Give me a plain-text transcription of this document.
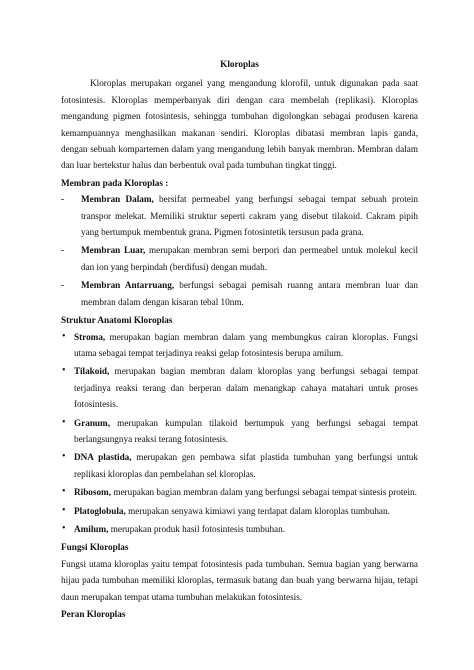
Kloroplas

Kloroplas merupakan organel yang mengandung klorofil, untuk digunakan pada saat fotosintesis. Kloroplas memperbanyak diri dengan cara membelah (replikasi). Kloroplas mengandung pigmen fotosintesis, sehingga tumbuhan digolongkan sebagai produsen karena kemampuannya menghasilkan makanan sendiri. Kloroplas dibatasi membran lapis ganda, dengan sebuah kompartemen dalam yang mengandung lebih banyak membran. Membran dalam dan luar bertekstur halus dan berbentuk oval pada tumbuhan tingkat tinggi.

Membran pada Kloroplas :
- Membran Dalam, bersifat permeabel yang berfungsi sebagai tempat sebuah protein transpor melekat. Memiliki struktur seperti cakram yang disebut tilakoid. Cakram pipih yang bertumpuk membentuk grana. Pigmen fotosintetik tersusun pada grana.
- Membran Luar, merupakan membran semi berpori dan permeabel untuk molekul kecil dan ion yang berpindah (berdifusi) dengan mudah.
- Membran Antarruang, berfungsi sebagai pemisah ruanng antara membran luar dan membran dalam dengan kisaran tebal 10nm.
Struktur Anatomi Kloroplas
• Stroma, merupakan bagian membran dalam yang membungkus cairan kloroplas. Fungsi utama sebagai tempat terjadinya reaksi gelap fotosintesis berupa amilum.
• Tilakoid, merupakan bagian membran dalam kloroplas yang berfungsi sebagai tempat terjadinya reaksi terang dan berperan dalam menangkap cahaya matahari untuk proses fotosintesis.
• Granum, merupakan kumpulan tilakoid bertumpuk yang berfungsi sebagai tempat berlangsungnya reaksi terang fotosintesis.
• DNA plastida, merupakan gen pembawa sifat plastida tumbuhan yang berfungsi untuk replikasi kloroplas dan pembelahan sel kloroplas.
• Ribosom, merupakan bagian membran dalam yang berfungsi sebagai tempat sintesis protein.
• Platoglobula, merupakan senyawa kimiawi yang terdapat dalam kloroplas tumbuhan.
• Amilum, merupakan produk hasil fotosintesis tumbuhan.
Fungsi Kloroplas

Fungsi utama kloroplas yaitu tempat fotosintesis pada tumbuhan. Semua bagian yang berwarna hijau pada tumbuhan memiliki kloroplas, termasuk batang dan buah yang berwarna hijau, tetapi daun merupakan tempat utama tumbuhan melakukan fotosintesis.

Peran Kloroplas
